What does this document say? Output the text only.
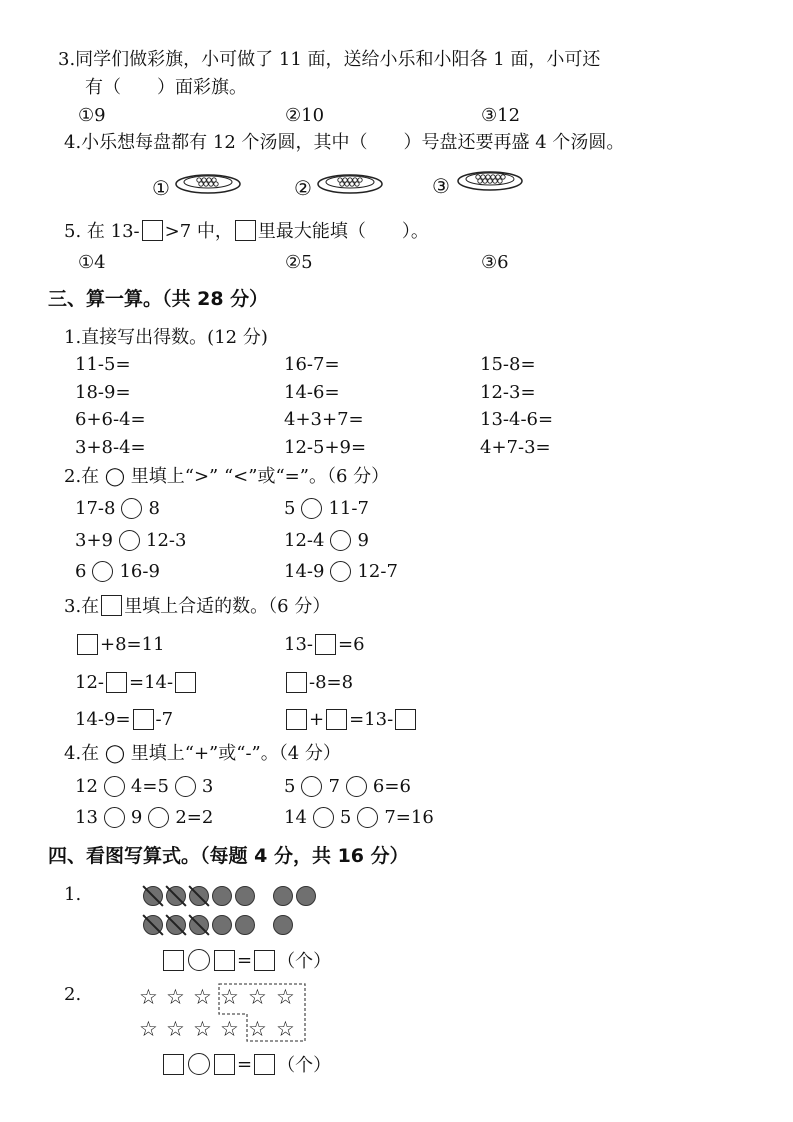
3.同学们做彩旗，小可做了 11 面，送给小乐和小阳各 1 面，小可还
有（　　）面彩旗。
①9	②10	③12
4.小乐想每盘都有 12 个汤圆，其中（　　）号盘还要再盛 4 个汤圆。
①	②	③
5. 在 13- >7 中， 里最大能填（　　）。
①4	②5	③6
三、算一算。（共 28 分）
1.直接写出得数。(12 分)
11-5=	16-7=	15-8=
18-9=	14-6=	12-3=
6+6-4=	4+3+7=	13-4-6=
3+8-4=	12-5+9=	4+7-3=
2.在 ◯ 里填上“>” “<”或“=”。（6 分）
17-8 8	5 11-7
3+9 12-3	12-4 9
6 16-9	14-9 12-7
3.在 里填上合适的数。（6 分）
+8=11	13- =6
12- =14-	-8=8
14-9= -7	+ =13-
4.在 ◯ 里填上“+”或“-”。（4 分）
12 4=5 3	5 7 6=6
13 9 2=2	14 5 7=16
四、看图写算式。（每题 4 分，共 16 分）
1.
= （个）
2.	☆ ☆ ☆ ☆ ☆ ☆
☆ ☆ ☆ ☆ ☆ ☆
= （个）
